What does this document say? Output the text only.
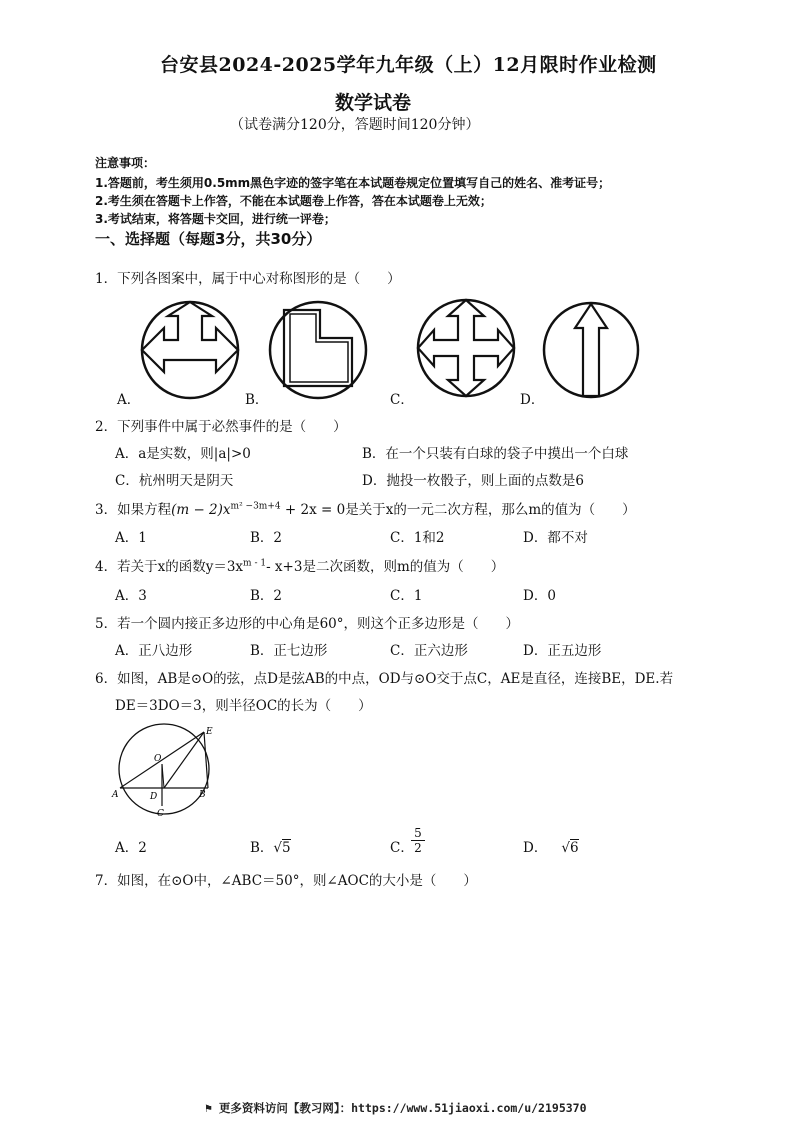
台安县2024-2025学年九年级（上）12月限时作业检测
数学试卷
（试卷满分120分，答题时间120分钟）
注意事项：
1.答题前，考生须用0.5mm黑色字迹的签字笔在本试题卷规定位置填写自己的姓名、准考证号；
2.考生须在答题卡上作答，不能在本试题卷上作答，答在本试题卷上无效；
3.考试结束，将答题卡交回，进行统一评卷；
一、选择题（每题3分，共30分）
1．下列各图案中，属于中心对称图形的是（　　）
A．	B．	C．	D．
2．下列事件中属于必然事件的是（　　）
A．a是实数，则|a|>0	B．在一个只装有白球的袋子中摸出一个白球
C．杭州明天是阴天	D．抛投一枚骰子，则上面的点数是6
3．如果方程$(m - 2)x^{m^2 -3m+4} + 2x = 0$是关于x的一元二次方程，那么m的值为（　　）
A．1	B．2	C．1和2	D．都不对
4．若关于x的函数$y=3x^{m - 1}-$ x+3是二次函数，则m的值为（　　）
A．3	B．2	C．1	D．0
5．若一个圆内接正多边形的中心角是60°，则这个正多边形是（　　）
A．正八边形	B．正七边形	C．正六边形	D．正五边形
6．如图，AB是⊙O的弦，点D是弦AB的中点，OD与⊙O交于点C，AE是直径，连接BE，DE.若
DE＝3DO＝3，则半径OC的长为（　　）
E
O
A	D	B
C
A．2	B．√5	C．
5
2	D． √6
7．如图，在⊙O中，∠ABC＝50°，则∠AOC的大小是（　　）
⚑ 更多资料访问【教习网】：https://www.51jiaoxi.com/u/2195370
